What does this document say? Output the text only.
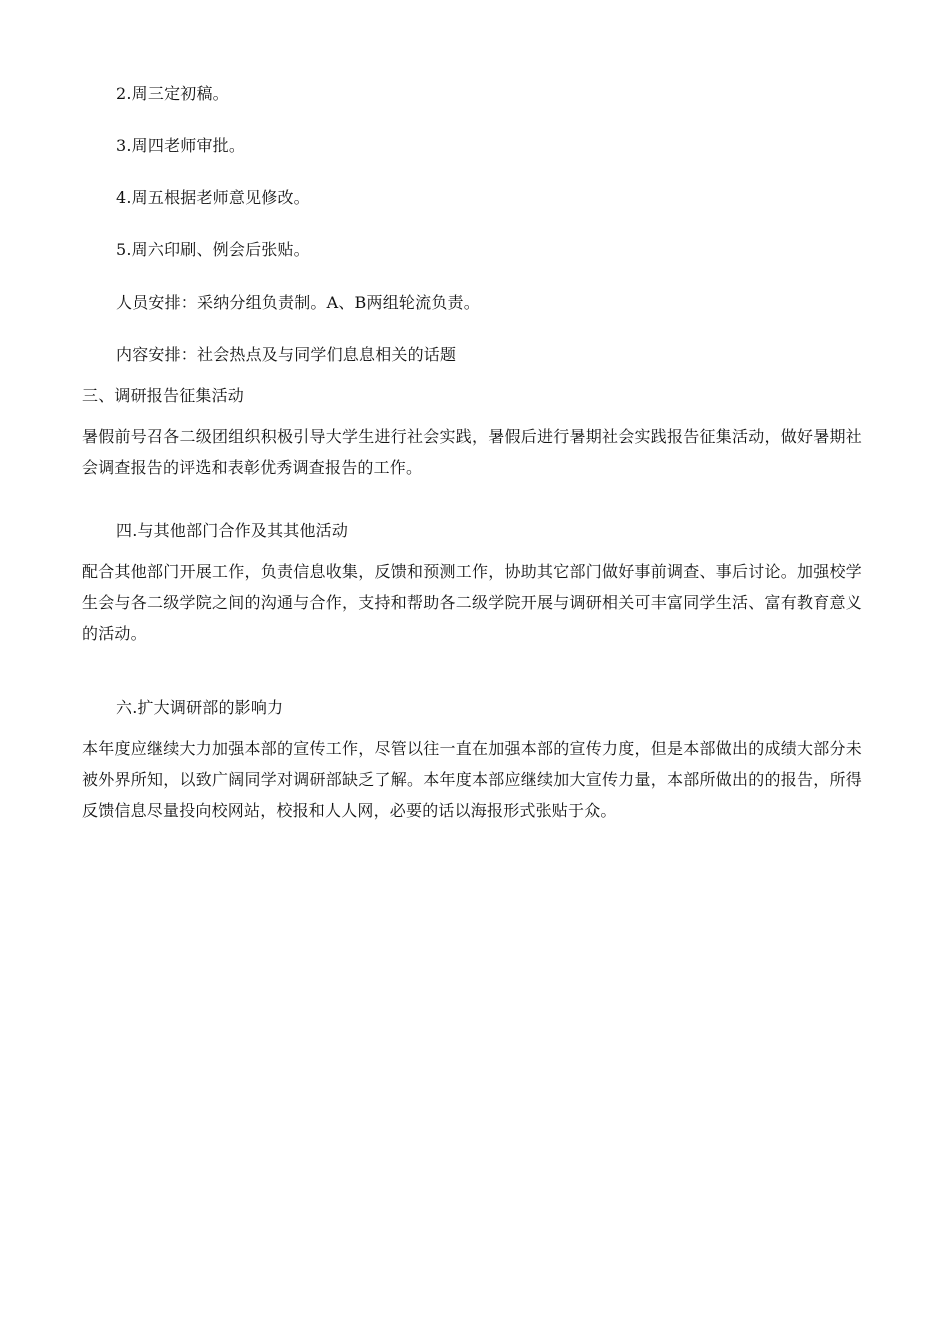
2.周三定初稿。
3.周四老师审批。
4.周五根据老师意见修改。
5.周六印刷、例会后张贴。
人员安排：采纳分组负责制。A、B两组轮流负责。
内容安排：社会热点及与同学们息息相关的话题
三、调研报告征集活动
暑假前号召各二级团组织积极引导大学生进行社会实践，暑假后进行暑期社会实践报告征集活动，做好暑期社会调查报告的评选和表彰优秀调查报告的工作。
四.与其他部门合作及其其他活动
配合其他部门开展工作，负责信息收集，反馈和预测工作，协助其它部门做好事前调查、事后讨论。加强校学生会与各二级学院之间的沟通与合作，支持和帮助各二级学院开展与调研相关可丰富同学生活、富有教育意义的活动。
六.扩大调研部的影响力
本年度应继续大力加强本部的宣传工作，尽管以往一直在加强本部的宣传力度，但是本部做出的成绩大部分未被外界所知，以致广阔同学对调研部缺乏了解。本年度本部应继续加大宣传力量，本部所做出的的报告，所得反馈信息尽量投向校网站，校报和人人网，必要的话以海报形式张贴于众。
